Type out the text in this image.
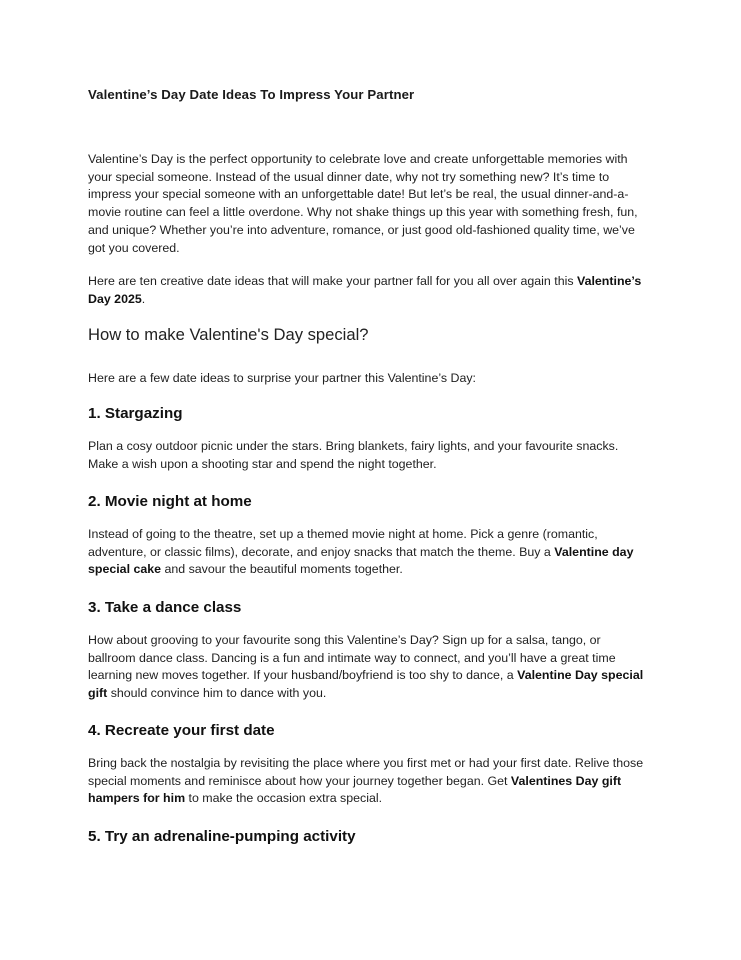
Valentine’s Day Date Ideas To Impress Your Partner

Valentine’s Day is the perfect opportunity to celebrate love and create unforgettable memories with your special someone. Instead of the usual dinner date, why not try something new? It’s time to impress your special someone with an unforgettable date! But let’s be real, the usual dinner-and-a-movie routine can feel a little overdone. Why not shake things up this year with something fresh, fun, and unique? Whether you’re into adventure, romance, or just good old-fashioned quality time, we’ve got you covered.

Here are ten creative date ideas that will make your partner fall for you all over again this Valentine’s Day 2025.

How to make Valentine's Day special?

Here are a few date ideas to surprise your partner this Valentine’s Day:

1. Stargazing

Plan a cosy outdoor picnic under the stars. Bring blankets, fairy lights, and your favourite snacks. Make a wish upon a shooting star and spend the night together.

2. Movie night at home

Instead of going to the theatre, set up a themed movie night at home. Pick a genre (romantic, adventure, or classic films), decorate, and enjoy snacks that match the theme. Buy a Valentine day special cake and savour the beautiful moments together.

3. Take a dance class

How about grooving to your favourite song this Valentine’s Day? Sign up for a salsa, tango, or ballroom dance class. Dancing is a fun and intimate way to connect, and you’ll have a great time learning new moves together. If your husband/boyfriend is too shy to dance, a Valentine Day special gift should convince him to dance with you.

4. Recreate your first date

Bring back the nostalgia by revisiting the place where you first met or had your first date. Relive those special moments and reminisce about how your journey together began. Get Valentines Day gift hampers for him to make the occasion extra special.

5. Try an adrenaline-pumping activity
